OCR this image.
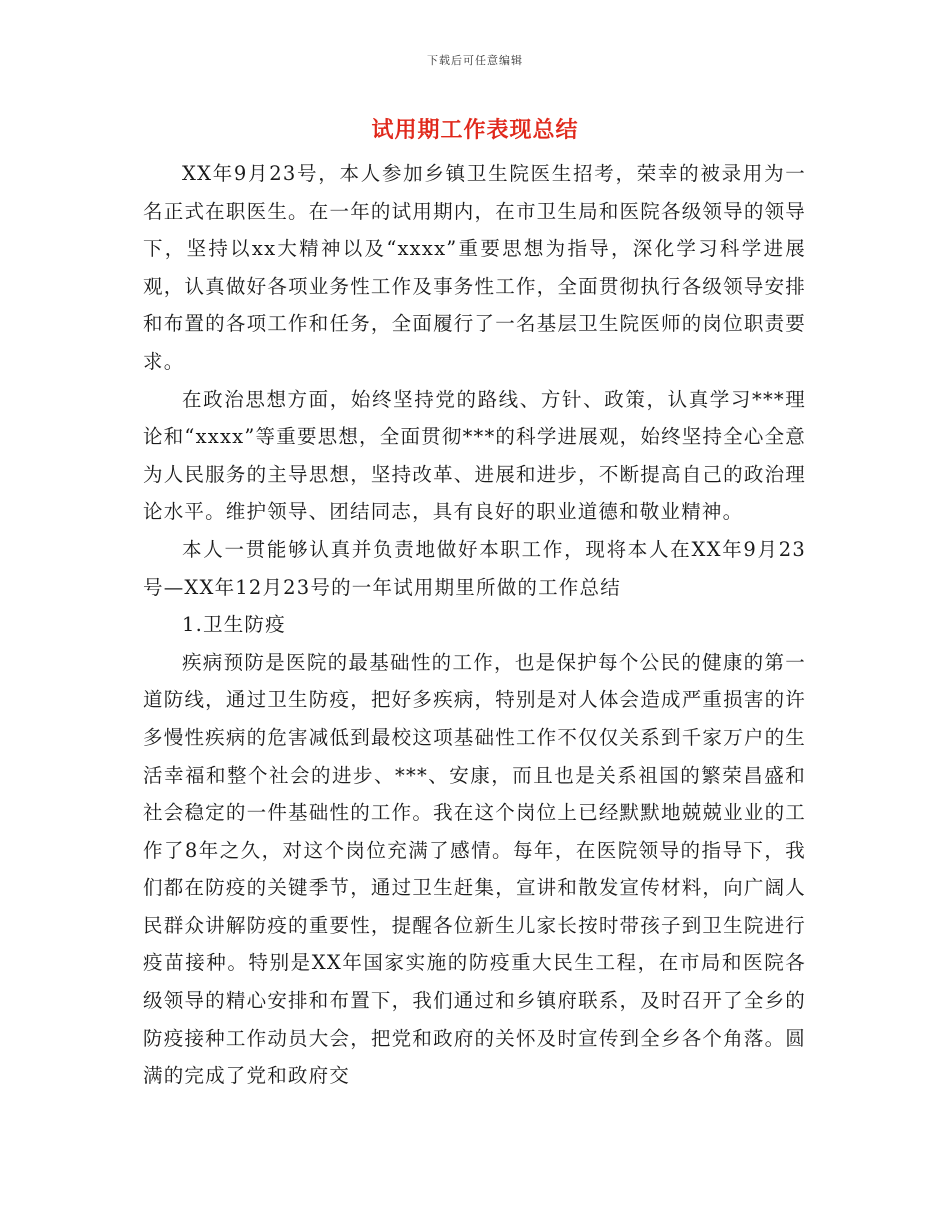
下载后可任意编辑
试用期工作表现总结

XX年9月23号，本人参加乡镇卫生院医生招考，荣幸的被录用为一名正式在职医生。在一年的试用期内，在市卫生局和医院各级领导的领导下，坚持以xx大精神以及“xxxx”重要思想为指导，深化学习科学进展观，认真做好各项业务性工作及事务性工作，全面贯彻执行各级领导安排和布置的各项工作和任务，全面履行了一名基层卫生院医师的岗位职责要求。

在政治思想方面，始终坚持党的路线、方针、政策，认真学习***理论和“xxxx”等重要思想，全面贯彻***的科学进展观，始终坚持全心全意为人民服务的主导思想，坚持改革、进展和进步，不断提高自己的政治理论水平。维护领导、团结同志，具有良好的职业道德和敬业精神。

本人一贯能够认真并负责地做好本职工作，现将本人在XX年9月23号—XX年12月23号的一年试用期里所做的工作总结

1.卫生防疫

疾病预防是医院的最基础性的工作，也是保护每个公民的健康的第一道防线，通过卫生防疫，把好多疾病，特别是对人体会造成严重损害的许多慢性疾病的危害减低到最校这项基础性工作不仅仅关系到千家万户的生活幸福和整个社会的进步、***、安康，而且也是关系祖国的繁荣昌盛和社会稳定的一件基础性的工作。我在这个岗位上已经默默地兢兢业业的工作了8年之久，对这个岗位充满了感情。每年，在医院领导的指导下，我们都在防疫的关键季节，通过卫生赶集，宣讲和散发宣传材料，向广阔人民群众讲解防疫的重要性，提醒各位新生儿家长按时带孩子到卫生院进行疫苗接种。特别是XX年国家实施的防疫重大民生工程，在市局和医院各级领导的精心安排和布置下，我们通过和乡镇府联系，及时召开了全乡的防疫接种工作动员大会，把党和政府的关怀及时宣传到全乡各个角落。圆满的完成了党和政府交
